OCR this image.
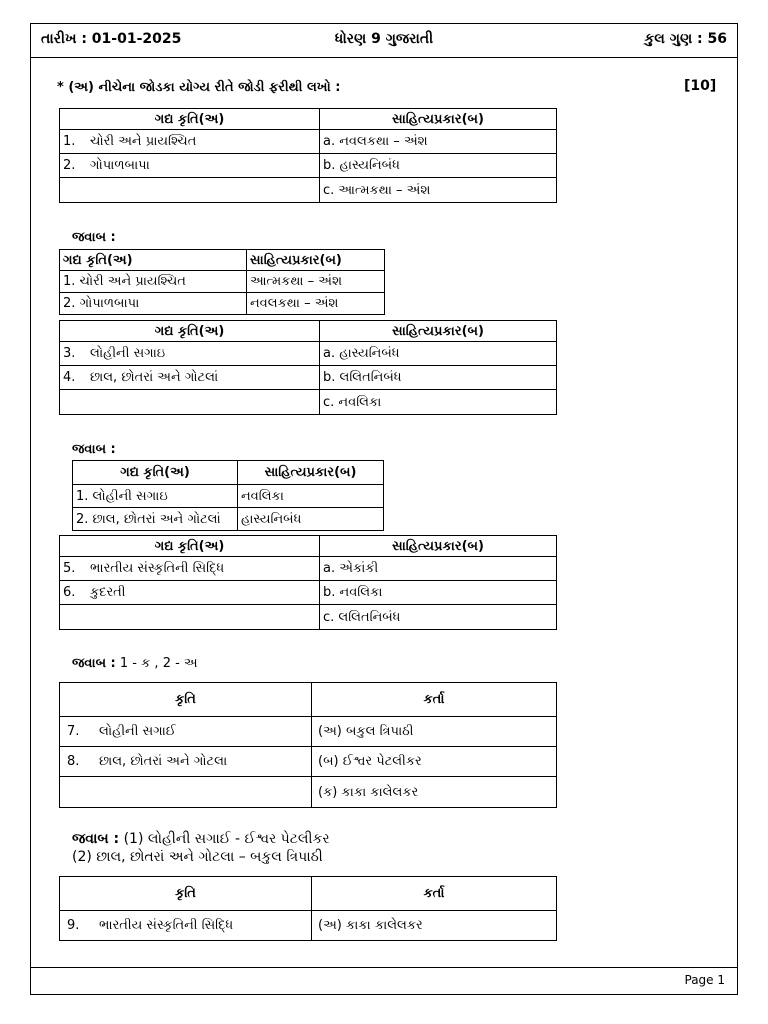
તારીખ : 01-01-2025	ધોરણ 9 ગુજરાતી	કુલ ગુણ : 56
Page 1
* (અ) નીચેના જોડકા યોગ્ય રીતે જોડી ફરીથી લખો :	[10]
ગદ્ય કૃતિ(અ)	સાહિત્યપ્રકાર(બ)
1. ચોરી અને પ્રાયશ્ચિત	a. નવલકથા – અંશ
2. ગોપાળબાપા	b. હાસ્યનિબંધ
	c. આત્મકથા – અંશ
જવાબ :
ગદ્ય કૃતિ(અ)	સાહિત્યપ્રકાર(બ)
1. ચોરી અને પ્રાયશ્ચિત	આત્મકથા – અંશ
2. ગોપાળબાપા	નવલકથા – અંશ
ગદ્ય કૃતિ(અ)	સાહિત્યપ્રકાર(બ)
3. લોહીની સગાઇ	a. હાસ્યનિબંધ
4. છાલ, છોતરાં અને ગોટલાં	b. લલિતનિબંધ
	c. નવલિકા
જવાબ :
ગદ્ય કૃતિ(અ)	સાહિત્યપ્રકાર(બ)
1. લોહીની સગાઇ	નવલિકા
2. છાલ, છોતરાં અને ગોટલાં	હાસ્યનિબંધ
ગદ્ય કૃતિ(અ)	સાહિત્યપ્રકાર(બ)
5. ભારતીય સંસ્કૃતિની સિદ્ધિ	a. એકાંકી
6. કુદરતી	b. નવલિકા
	c. લલિતનિબંધ
જવાબ : 1 - ક , 2 - અ
કૃતિ	કર્તા
7. લોહીની સગાઈ	(અ) બકુલ ત્રિપાઠી
8. છાલ, છોતરાં અને ગોટલા	(બ) ઈશ્વર પેટલીકર
	(ક) કાકા કાલેલકર
જવાબ : (1) લોહીની સગાઈ - ઈશ્વર પેટલીકર
(2) છાલ, છોતરાં અને ગોટલા – બકુલ ત્રિપાઠી
કૃતિ	કર્તા
9. ભારતીય સંસ્કૃતિની સિદ્ધિ	(અ) કાકા કાલેલકર
